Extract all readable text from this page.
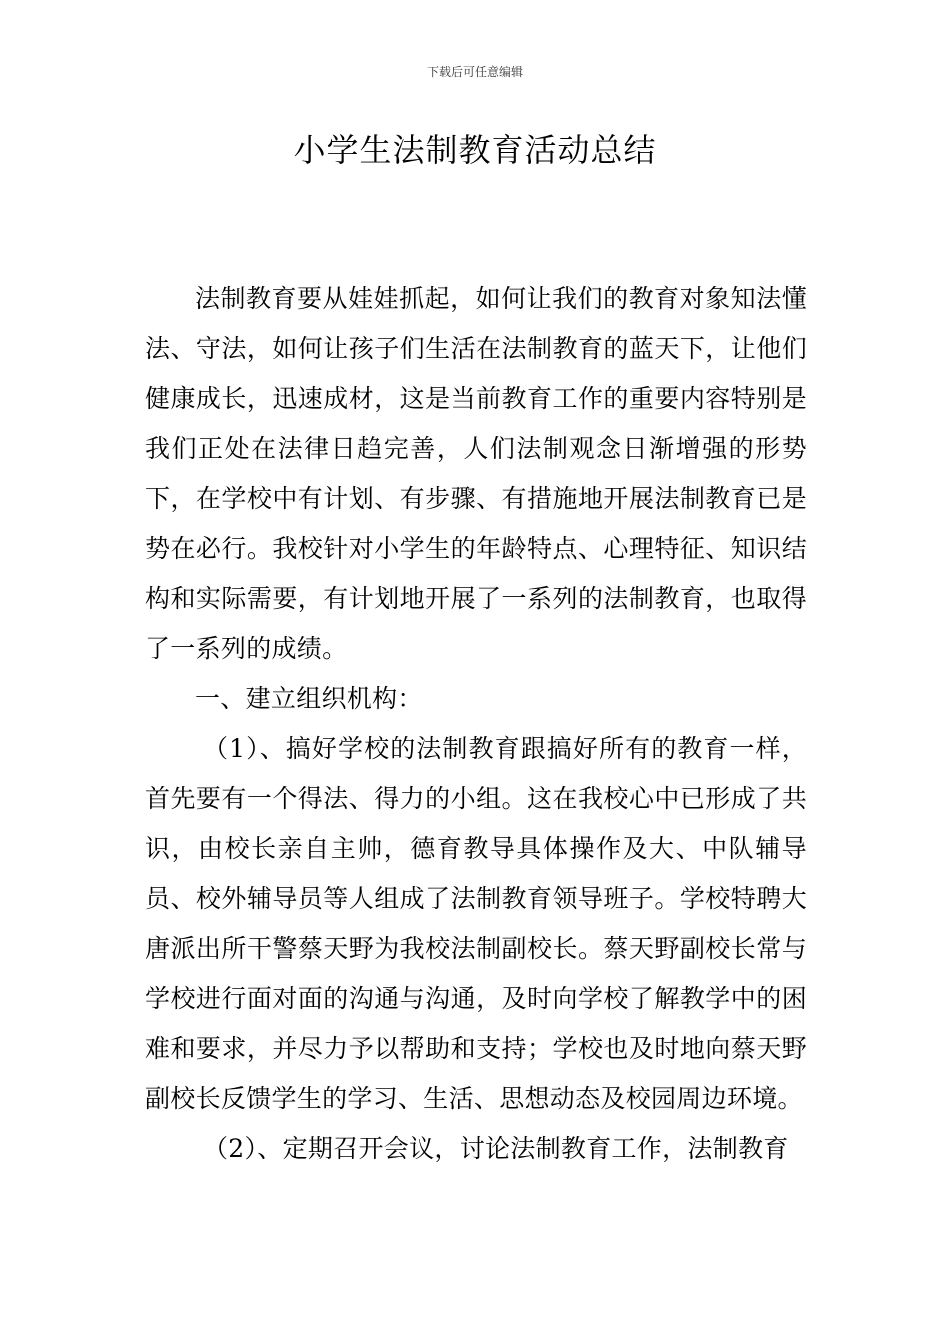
下载后可任意编辑
小学生法制教育活动总结

法制教育要从娃娃抓起，如何让我们的教育对象知法懂法、守法，如何让孩子们生活在法制教育的蓝天下，让他们健康成长，迅速成材，这是当前教育工作的重要内容特别是我们正处在法律日趋完善，人们法制观念日渐增强的形势下，在学校中有计划、有步骤、有措施地开展法制教育已是势在必行。我校针对小学生的年龄特点、心理特征、知识结构和实际需要，有计划地开展了一系列的法制教育，也取得了一系列的成绩。

一、建立组织机构：

（1）、搞好学校的法制教育跟搞好所有的教育一样，首先要有一个得法、得力的小组。这在我校心中已形成了共识，由校长亲自主帅，德育教导具体操作及大、中队辅导员、校外辅导员等人组成了法制教育领导班子。学校特聘大唐派出所干警蔡天野为我校法制副校长。蔡天野副校长常与学校进行面对面的沟通与沟通，及时向学校了解教学中的困难和要求，并尽力予以帮助和支持；学校也及时地向蔡天野副校长反馈学生的学习、生活、思想动态及校园周边环境。

（2）、定期召开会议，讨论法制教育工作，法制教育
